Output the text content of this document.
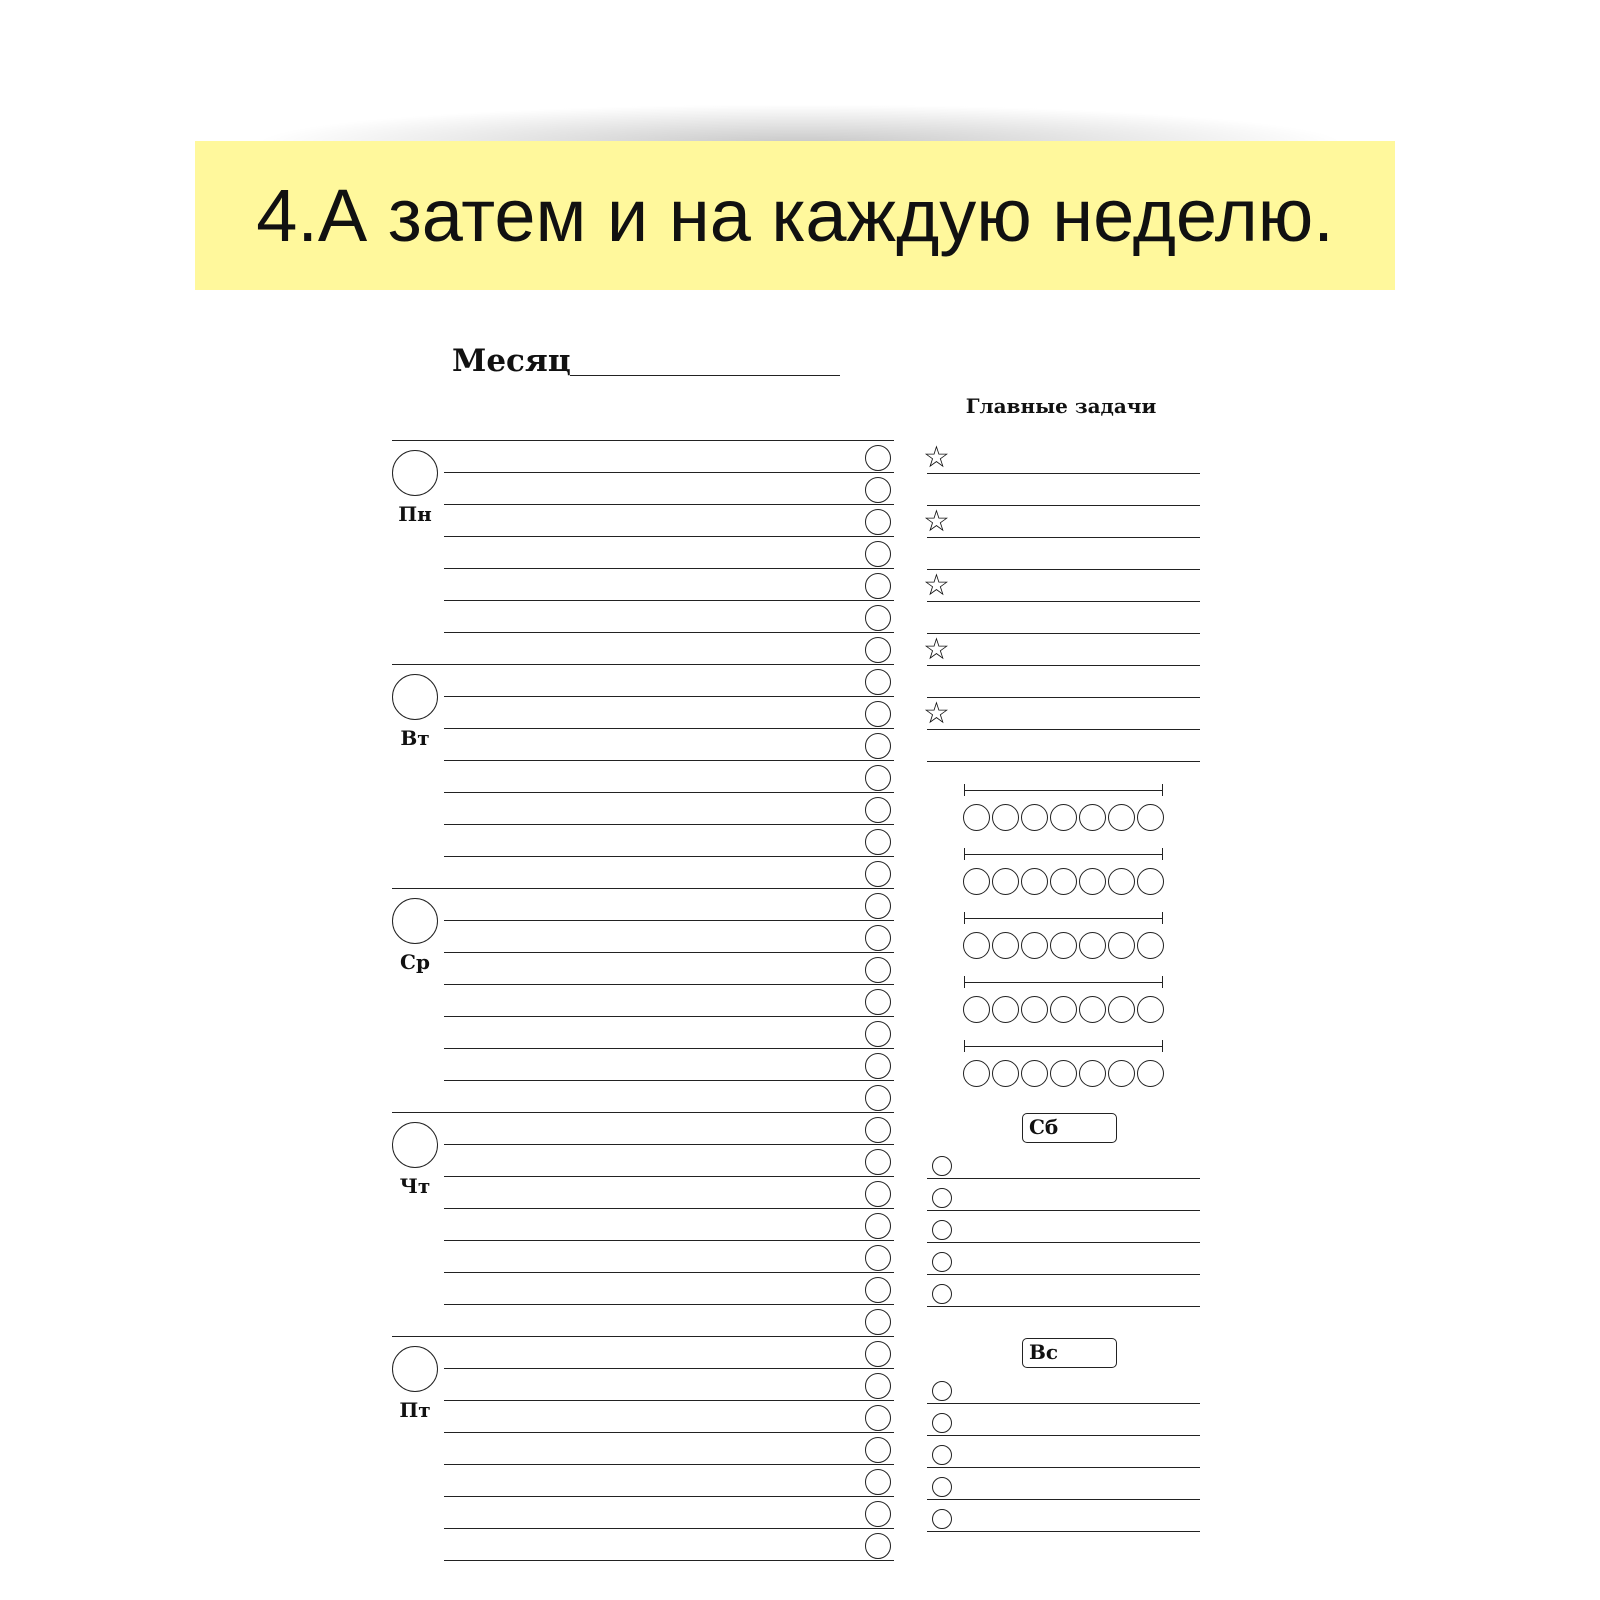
4.А затем и на каждую неделю.
Месяц
Главные задачи
Пн
Вт
Ср
Чт
Пт
☆
☆
☆
☆
☆
Сб
Вс
